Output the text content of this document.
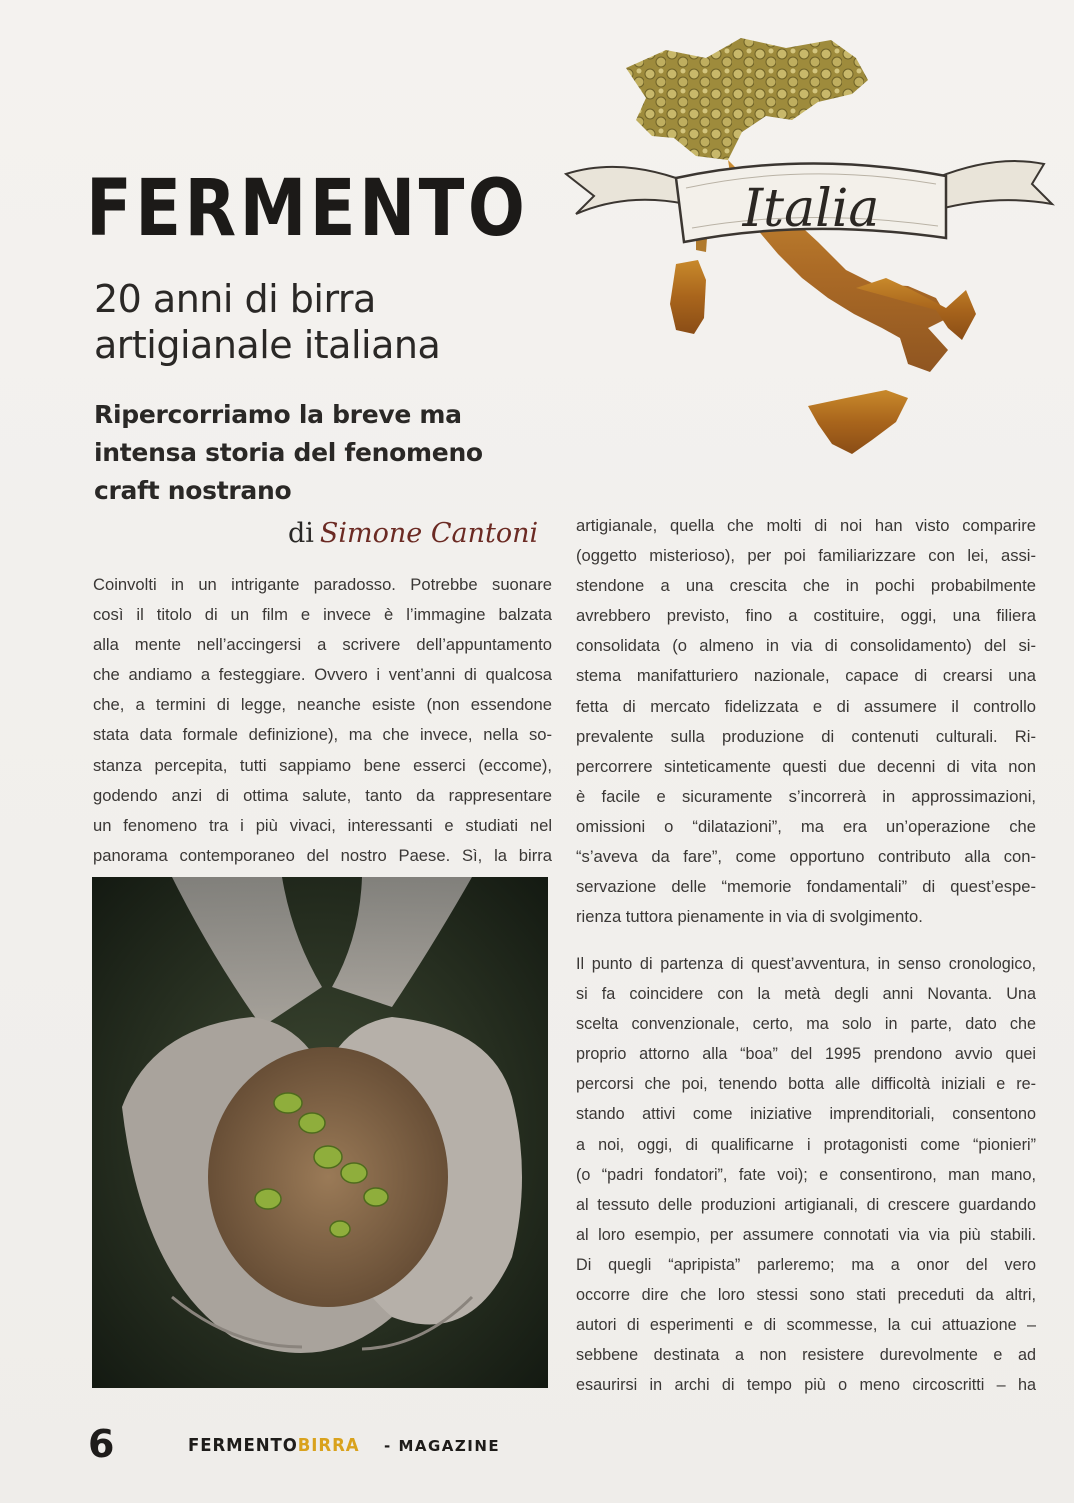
FERMENTO
20 anni di birra
artigianale italiana
Ripercorriamo la breve ma
intensa storia del fenomeno
craft nostrano
di Simone Cantoni
Italia

Coinvolti in un intrigante paradosso. Potrebbe suonare
così il titolo di un film e invece è l’immagine balzata
alla mente nell’accingersi a scrivere dell’appuntamento
che andiamo a festeggiare. Ovvero i vent’anni di qualcosa
che, a termini di legge, neanche esiste (non essendone
stata data formale definizione), ma che invece, nella so-
stanza percepita, tutti sappiamo bene esserci (eccome),
godendo anzi di ottima salute, tanto da rappresentare
un fenomeno tra i più vivaci, interessanti e studiati nel
panorama contemporaneo del nostro Paese. Sì, la birra

artigianale, quella che molti di noi han visto comparire
(oggetto misterioso), per poi familiarizzare con lei, assi-
stendone a una crescita che in pochi probabilmente
avrebbero previsto, fino a costituire, oggi, una filiera
consolidata (o almeno in via di consolidamento) del si-
stema manifatturiero nazionale, capace di crearsi una
fetta di mercato fidelizzata e di assumere il controllo
prevalente sulla produzione di contenuti culturali. Ri-
percorrere sinteticamente questi due decenni di vita non
è facile e sicuramente s’incorrerà in approssimazioni,
omissioni o “dilatazioni”, ma era un’operazione che
“s’aveva da fare”, come opportuno contributo alla con-
servazione delle “memorie fondamentali” di quest’espe-
rienza tuttora pienamente in via di svolgimento.

Il punto di partenza di quest’avventura, in senso cronologico,
si fa coincidere con la metà degli anni Novanta. Una
scelta convenzionale, certo, ma solo in parte, dato che
proprio attorno alla “boa” del 1995 prendono avvio quei
percorsi che poi, tenendo botta alle difficoltà iniziali e re-
stando attivi come iniziative imprenditoriali, consentono
a noi, oggi, di qualificarne i protagonisti come “pionieri”
(o “padri fondatori”, fate voi); e consentirono, man mano,
al tessuto delle produzioni artigianali, di crescere guardando
al loro esempio, per assumere connotati via via più stabili.
Di quegli “apripista” parleremo; ma a onor del vero
occorre dire che loro stessi sono stati preceduti da altri,
autori di esperimenti e di scommesse, la cui attuazione –
sebbene destinata a non resistere durevolmente e ad
esaurirsi in archi di tempo più o meno circoscritti – ha

6	FERMENTOBIRRA - MAGAZINE
